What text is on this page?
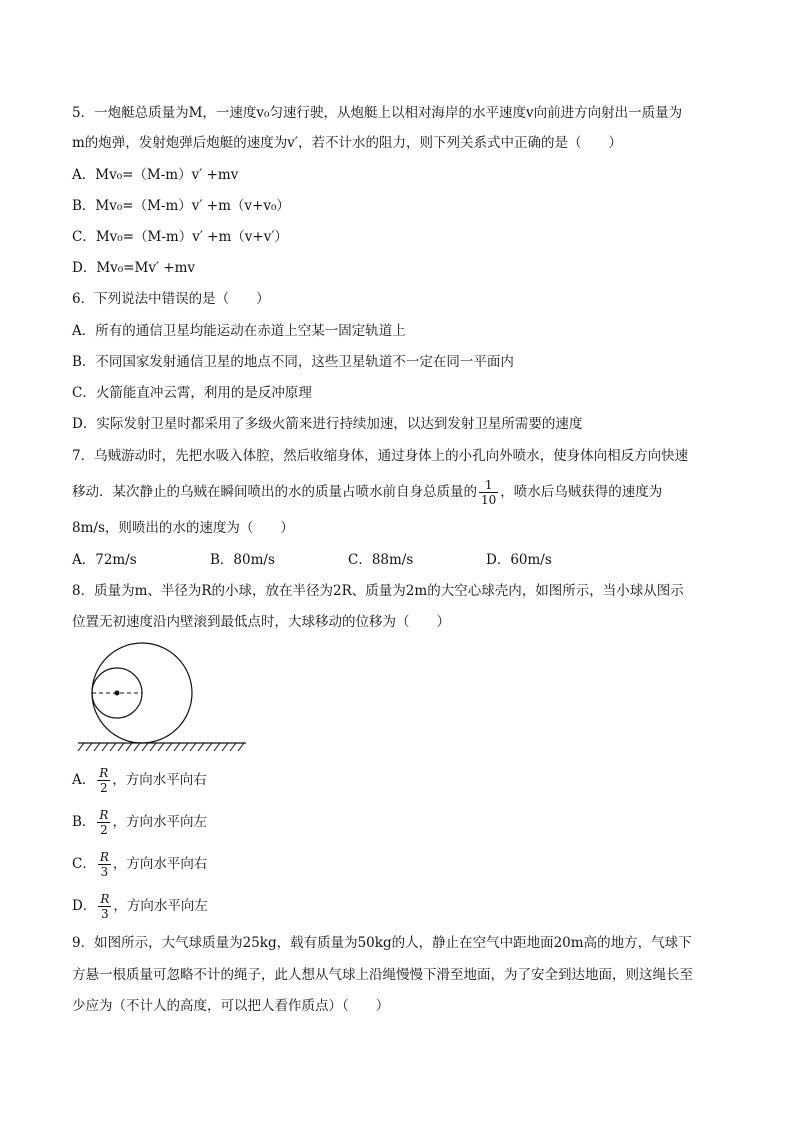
5．一炮艇总质量为M，一速度v₀匀速行驶，从炮艇上以相对海岸的水平速度v向前进方向射出一质量为
m的炮弹，发射炮弹后炮艇的速度为v′，若不计水的阻力，则下列关系式中正确的是（　　）
A．Mv₀=（M-m）v′ +mv
B．Mv₀=（M-m）v′ +m（v+v₀）
C．Mv₀=（M-m）v′ +m（v+v′）
D．Mv₀=Mv′ +mv
6．下列说法中错误的是（　　）
A．所有的通信卫星均能运动在赤道上空某一固定轨道上
B．不同国家发射通信卫星的地点不同，这些卫星轨道不一定在同一平面内
C．火箭能直冲云霄，利用的是反冲原理
D．实际发射卫星时都采用了多级火箭来进行持续加速，以达到发射卫星所需要的速度
7．乌贼游动时，先把水吸入体腔，然后收缩身体，通过身体上的小孔向外喷水，使身体向相反方向快速
移动．某次静止的乌贼在瞬间喷出的水的质量占喷水前自身总质量的 $\frac{1}{10}$ ，喷水后乌贼获得的速度为
8m/s，则喷出的水的速度为（　　）
A．72m/s	B．80m/s	C．88m/s	D．60m/s
8．质量为m、半径为R的小球，放在半径为2R、质量为2m的大空心球壳内，如图所示，当小球从图示
位置无初速度沿内壁滚到最低点时，大球移动的位移为（　　）
A． $\frac{R}{2}$ ，方向水平向右
B． $\frac{R}{2}$ ，方向水平向左
C． $\frac{R}{3}$ ，方向水平向右
D． $\frac{R}{3}$ ，方向水平向左
9．如图所示，大气球质量为25kg，载有质量为50kg的人，静止在空气中距地面20m高的地方，气球下
方悬一根质量可忽略不计的绳子，此人想从气球上沿绳慢慢下滑至地面，为了安全到达地面，则这绳长至
少应为（不计人的高度，可以把人看作质点）（　　）
